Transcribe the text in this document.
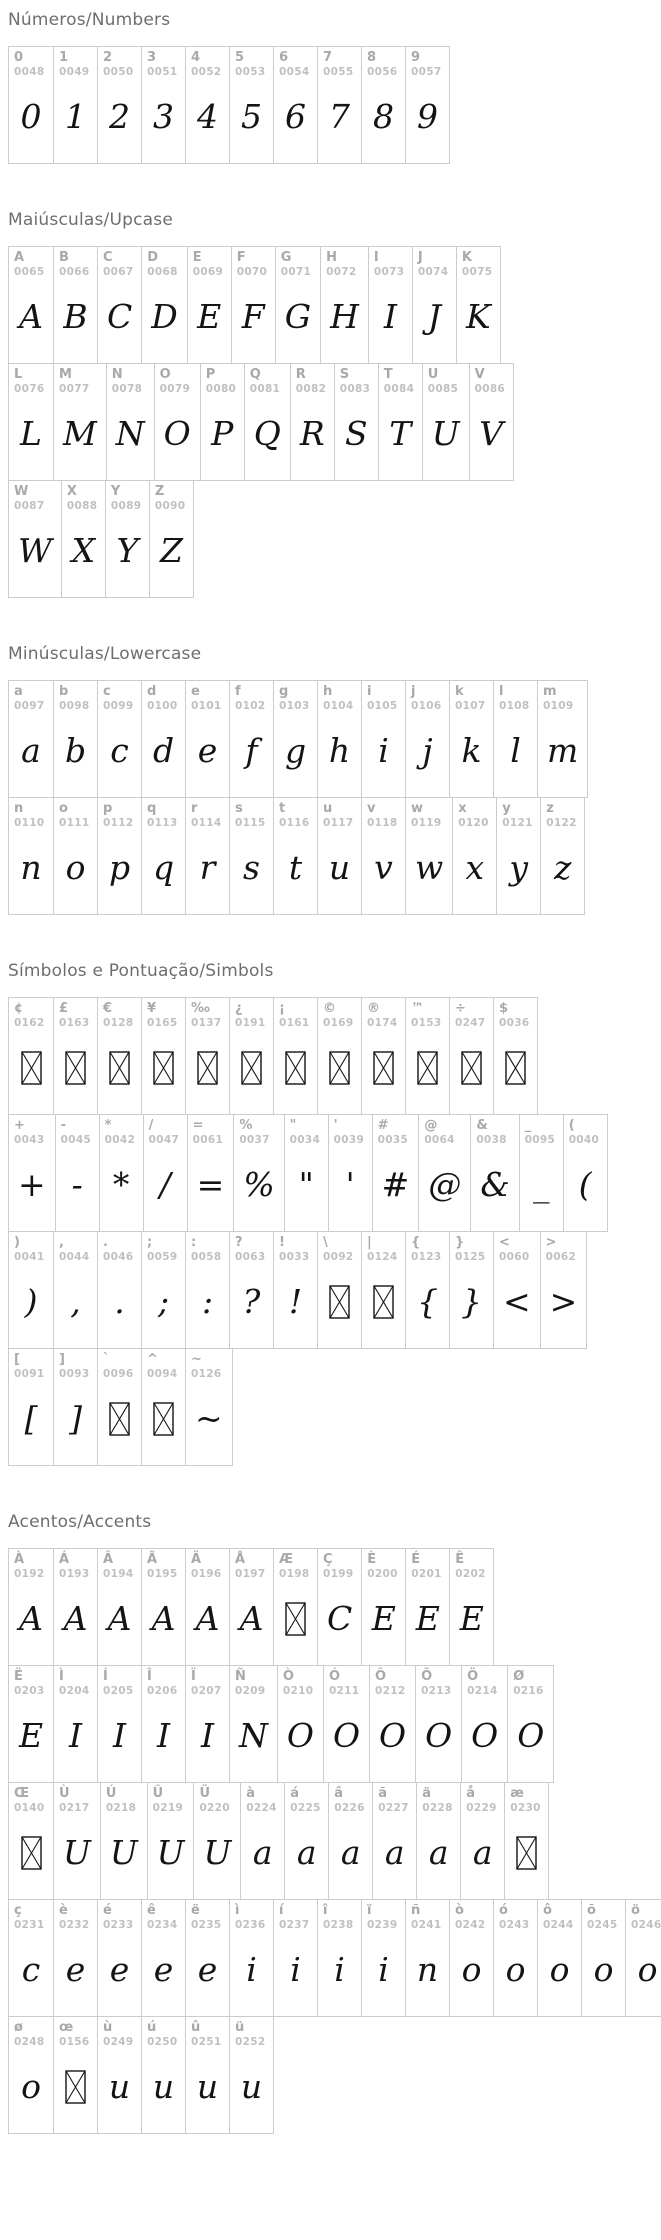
Números/Numbers
0
0048
0
1
0049
1
2
0050
2
3
0051
3
4
0052
4
5
0053
5
6
0054
6
7
0055
7
8
0056
8
9
0057
9
Maiúsculas/Upcase
A
0065
A
B
0066
B
C
0067
C
D
0068
D
E
0069
E
F
0070
F
G
0071
G
H
0072
H
I
0073
I
J
0074
J
K
0075
K
L
0076
L
M
0077
M
N
0078
N
O
0079
O
P
0080
P
Q
0081
Q
R
0082
R
S
0083
S
T
0084
T
U
0085
U
V
0086
V
W
0087
W
X
0088
X
Y
0089
Y
Z
0090
Z
Minúsculas/Lowercase
a
0097
a
b
0098
b
c
0099
c
d
0100
d
e
0101
e
f
0102
f
g
0103
g
h
0104
h
i
0105
i
j
0106
j
k
0107
k
l
0108
l
m
0109
m
n
0110
n
o
0111
o
p
0112
p
q
0113
q
r
0114
r
s
0115
s
t
0116
t
u
0117
u
v
0118
v
w
0119
w
x
0120
x
y
0121
y
z
0122
z
Símbolos e Pontuação/Simbols
¢
0162
£
0163
€
0128
¥
0165
‰
0137
¿
0191
¡
0161
©
0169
®
0174
™
0153
÷
0247
$
0036
+
0043
+
-
0045
-
*
0042
*
/
0047
/
=
0061
=
%
0037
%
"
0034
"
'
0039
'
#
0035
#
@
0064
@
&
0038
&
_
0095
_
(
0040
(
)
0041
)
,
0044
,
.
0046
.
;
0059
;
:
0058
:
?
0063
?
!
0033
!
\
0092
|
0124
{
0123
{
}
0125
}
<
0060
<
>
0062
>
[
0091
[
]
0093
]
`
0096
^
0094
~
0126
~
Acentos/Accents
À
0192
A
Á
0193
A
Â
0194
A
Ã
0195
A
Ä
0196
A
Å
0197
A
Æ
0198
Ç
0199
C
È
0200
E
É
0201
E
Ê
0202
E
Ë
0203
E
Ì
0204
I
Í
0205
I
Î
0206
I
Ï
0207
I
Ñ
0209
N
Ò
0210
O
Ó
0211
O
Ô
0212
O
Õ
0213
O
Ö
0214
O
Ø
0216
O
Œ
0140
Ù
0217
U
Ú
0218
U
Û
0219
U
Ü
0220
U
à
0224
a
á
0225
a
â
0226
a
ã
0227
a
ä
0228
a
å
0229
a
æ
0230
ç
0231
c
è
0232
e
é
0233
e
ê
0234
e
ë
0235
e
ì
0236
i
í
0237
i
î
0238
i
ï
0239
i
ñ
0241
n
ò
0242
o
ó
0243
o
ô
0244
o
õ
0245
o
ö
0246
o
ø
0248
o
œ
0156
ù
0249
u
ú
0250
u
û
0251
u
ü
0252
u
